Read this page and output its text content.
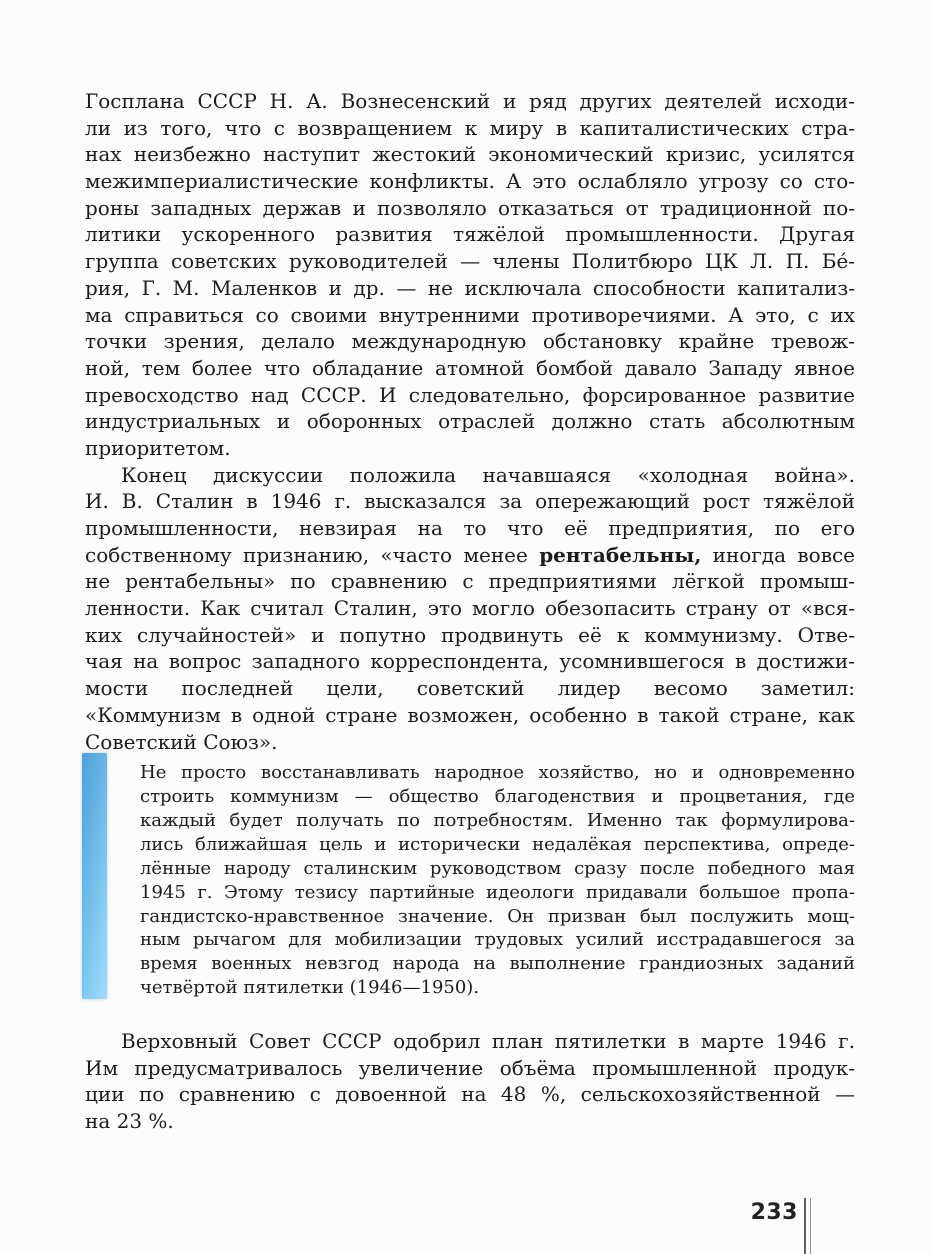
Госплана СССР Н. А. Вознесенский и ряд других деятелей исходи-
ли из того, что с возвращением к миру в капиталистических стра-
нах неизбежно наступит жестокий экономический кризис, усилятся
межимпериалистические конфликты. А это ослабляло угрозу со сто-
роны западных держав и позволяло отказаться от традиционной по-
литики ускоренного развития тяжёлой промышленности. Другая
группа советских руководителей — члены Политбюро ЦК Л. П. Бе́-
рия, Г. М. Маленков и др. — не исключала способности капитализ-
ма справиться со своими внутренними противоречиями. А это, с их
точки зрения, делало международную обстановку крайне тревож-
ной, тем более что обладание атомной бомбой давало Западу явное
превосходство над СССР. И следовательно, форсированное развитие
индустриальных и оборонных отраслей должно стать абсолютным
приоритетом.
Конец дискуссии положила начавшаяся «холодная война».
И. В. Сталин в 1946 г. высказался за опережающий рост тяжёлой
промышленности, невзирая на то что её предприятия, по его
собственному признанию, «часто менее рентабельны, иногда вовсе
не рентабельны» по сравнению с предприятиями лёгкой промыш-
ленности. Как считал Сталин, это могло обезопасить страну от «вся-
ких случайностей» и попутно продвинуть её к коммунизму. Отве-
чая на вопрос западного корреспондента, усомнившегося в достижи-
мости последней цели, советский лидер весомо заметил:
«Коммунизм в одной стране возможен, особенно в такой стране, как
Советский Союз».
Не просто восстанавливать народное хозяйство, но и одновременно
строить коммунизм — общество благоденствия и процветания, где
каждый будет получать по потребностям. Именно так формулирова-
лись ближайшая цель и исторически недалёкая перспектива, опреде-
лённые народу сталинским руководством сразу после победного мая
1945 г. Этому тезису партийные идеологи придавали большое пропа-
гандистско-нравственное значение. Он призван был послужить мощ-
ным рычагом для мобилизации трудовых усилий исстрадавшегося за
время военных невзгод народа на выполнение грандиозных заданий
четвёртой пятилетки (1946—1950).
Верховный Совет СССР одобрил план пятилетки в марте 1946 г.
Им предусматривалось увеличение объёма промышленной продук-
ции по сравнению с довоенной на 48 %, сельскохозяйственной —
на 23 %.
233
